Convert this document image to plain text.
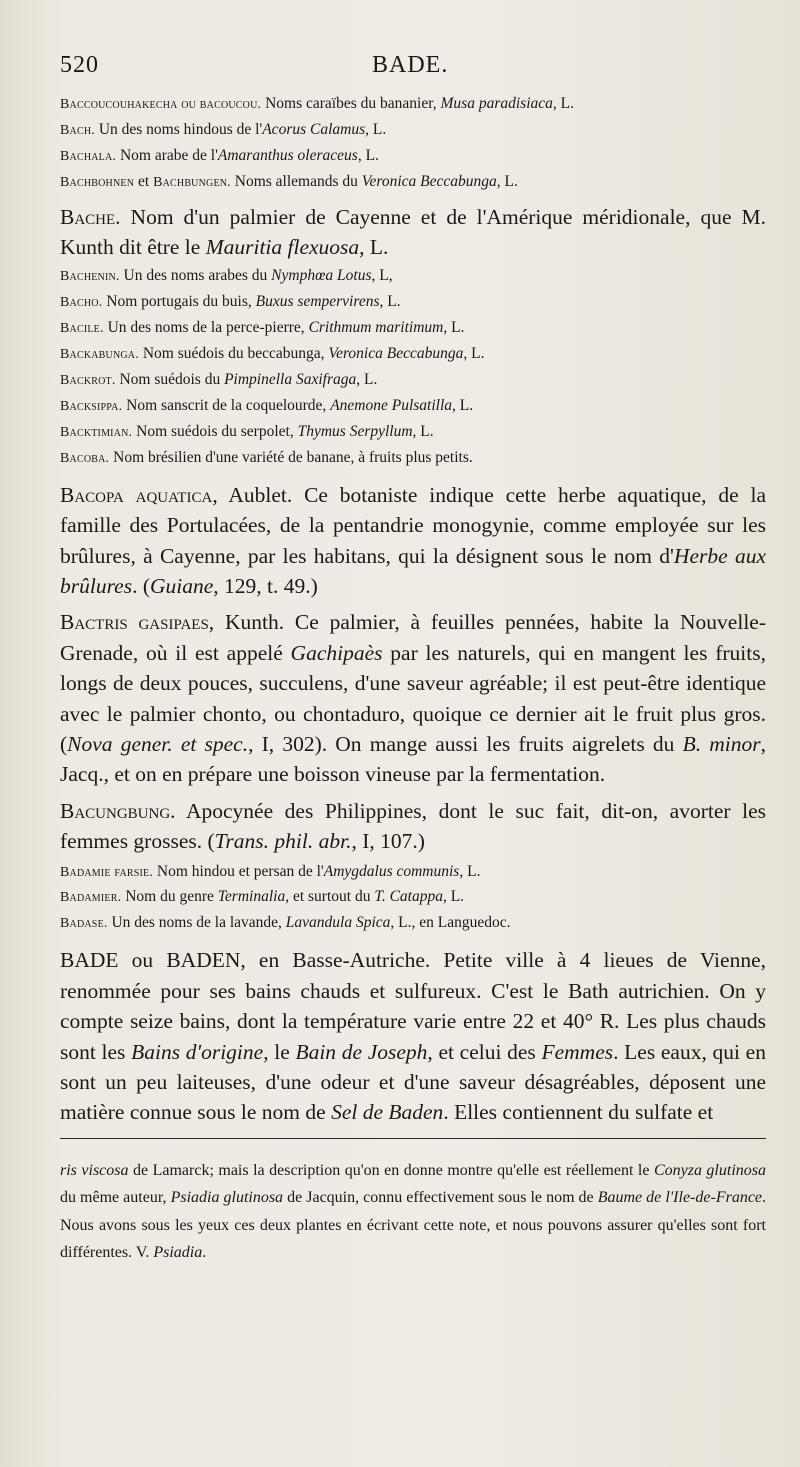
520	BADE.

Baccoucouhakecha ou bacoucou. Noms caraïbes du bananier, Musa paradisiaca, L.

Bach. Un des noms hindous de l'Acorus Calamus, L.

Bachala. Nom arabe de l'Amaranthus oleraceus, L.

Bachbohnen et Bachbungen. Noms allemands du Veronica Beccabunga, L.

Bache. Nom d'un palmier de Cayenne et de l'Amérique méridionale, que M. Kunth dit être le Mauritia flexuosa, L.

Bachenin. Un des noms arabes du Nymphœa Lotus, L,

Bacho. Nom portugais du buis, Buxus sempervirens, L.

Bacile. Un des noms de la perce-pierre, Crithmum maritimum, L.

Backabunga. Nom suédois du beccabunga, Veronica Beccabunga, L.

Backrot. Nom suédois du Pimpinella Saxifraga, L.

Backsippa. Nom sanscrit de la coquelourde, Anemone Pulsatilla, L.

Backtimian. Nom suédois du serpolet, Thymus Serpyllum, L.

Bacoba. Nom brésilien d'une variété de banane, à fruits plus petits.

Bacopa aquatica, Aublet. Ce botaniste indique cette herbe aquatique, de la famille des Portulacées, de la pentandrie monogynie, comme employée sur les brûlures, à Cayenne, par les habitans, qui la désignent sous le nom d'Herbe aux brûlures. (Guiane, 129, t. 49.)

Bactris gasipaes, Kunth. Ce palmier, à feuilles pennées, habite la Nouvelle-Grenade, où il est appelé Gachipaès par les naturels, qui en mangent les fruits, longs de deux pouces, succulens, d'une saveur agréable; il est peut-être identique avec le palmier chonto, ou chontaduro, quoique ce dernier ait le fruit plus gros. (Nova gener. et spec., I, 302). On mange aussi les fruits aigrelets du B. minor, Jacq., et on en prépare une boisson vineuse par la fermentation.

Bacungbung. Apocynée des Philippines, dont le suc fait, dit-on, avorter les femmes grosses. (Trans. phil. abr., I, 107.)

Badamie farsie. Nom hindou et persan de l'Amygdalus communis, L.

Badamier. Nom du genre Terminalia, et surtout du T. Catappa, L.

Badase. Un des noms de la lavande, Lavandula Spica, L., en Languedoc.

BADE ou BADEN, en Basse-Autriche. Petite ville à 4 lieues de Vienne, renommée pour ses bains chauds et sulfureux. C'est le Bath autrichien. On y compte seize bains, dont la température varie entre 22 et 40° R. Les plus chauds sont les Bains d'origine, le Bain de Joseph, et celui des Femmes. Les eaux, qui en sont un peu laiteuses, d'une odeur et d'une saveur désagréables, déposent une matière connue sous le nom de Sel de Baden. Elles contiennent du sulfate et

ris viscosa de Lamarck; mais la description qu'on en donne montre qu'elle est réellement le Conyza glutinosa du même auteur, Psiadia glutinosa de Jacquin, connu effectivement sous le nom de Baume de l'Ile-de-France. Nous avons sous les yeux ces deux plantes en écrivant cette note, et nous pouvons assurer qu'elles sont fort différentes. V. Psiadia.
